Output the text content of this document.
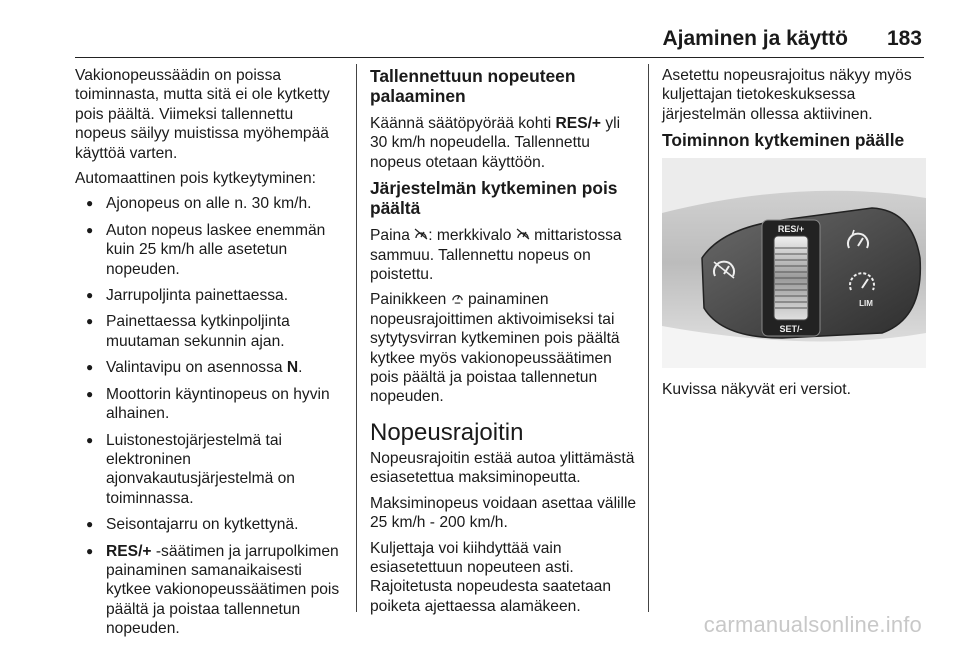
Ajaminen ja käyttö 183

Vakionopeussäädin on poissa toiminnasta, mutta sitä ei ole kytketty pois päältä. Viimeksi tallennettu nopeus säilyy muistissa myöhempää käyttöä varten.

Automaattinen pois kytkeytyminen:

● Ajonopeus on alle n. 30 km/h.
● Auton nopeus laskee enemmän kuin 25 km/h alle asetetun nopeuden.
● Jarrupoljinta painettaessa.
● Painettaessa kytkinpoljinta muutaman sekunnin ajan.
● Valintavipu on asennossa N.
● Moottorin käyntinopeus on hyvin alhainen.
● Luistonestojärjestelmä tai elektroninen ajonvakautusjärjestelmä on toiminnassa.
● Seisontajarru on kytkettynä.
● RES/+ -säätimen ja jarrupolkimen painaminen samanaikaisesti kytkee vakionopeussäätimen pois päältä ja poistaa tallennetun nopeuden.
Tallennettuun nopeuteen palaaminen

Käännä säätöpyörää kohti RES/+ yli 30 km/h nopeudella. Tallennettu nopeus otetaan käyttöön.

Järjestelmän kytkeminen pois päältä

Paina : merkkivalo  mittaristossa sammuu. Tallennettu nopeus on poistettu.

Painikkeen  painaminen nopeusrajoittimen aktivoimiseksi tai sytytysvirran kytkeminen pois päältä kytkee myös vakionopeussäätimen pois päältä ja poistaa tallennetun nopeuden.

Nopeusrajoitin

Nopeusrajoitin estää autoa ylittämästä esiasetettua maksiminopeutta.

Maksiminopeus voidaan asettaa välille 25 km/h - 200 km/h.

Kuljettaja voi kiihdyttää vain esiasetettuun nopeuteen asti. Rajoitetusta nopeudesta saatetaan poiketa ajettaessa alamäkeen.

Asetettu nopeusrajoitus näkyy myös kuljettajan tietokeskuksessa järjestelmän ollessa aktiivinen.

Toiminnon kytkeminen päälle
RES/+
SET/-
LIM

Kuvissa näkyvät eri versiot.

carmanualsonline.info
